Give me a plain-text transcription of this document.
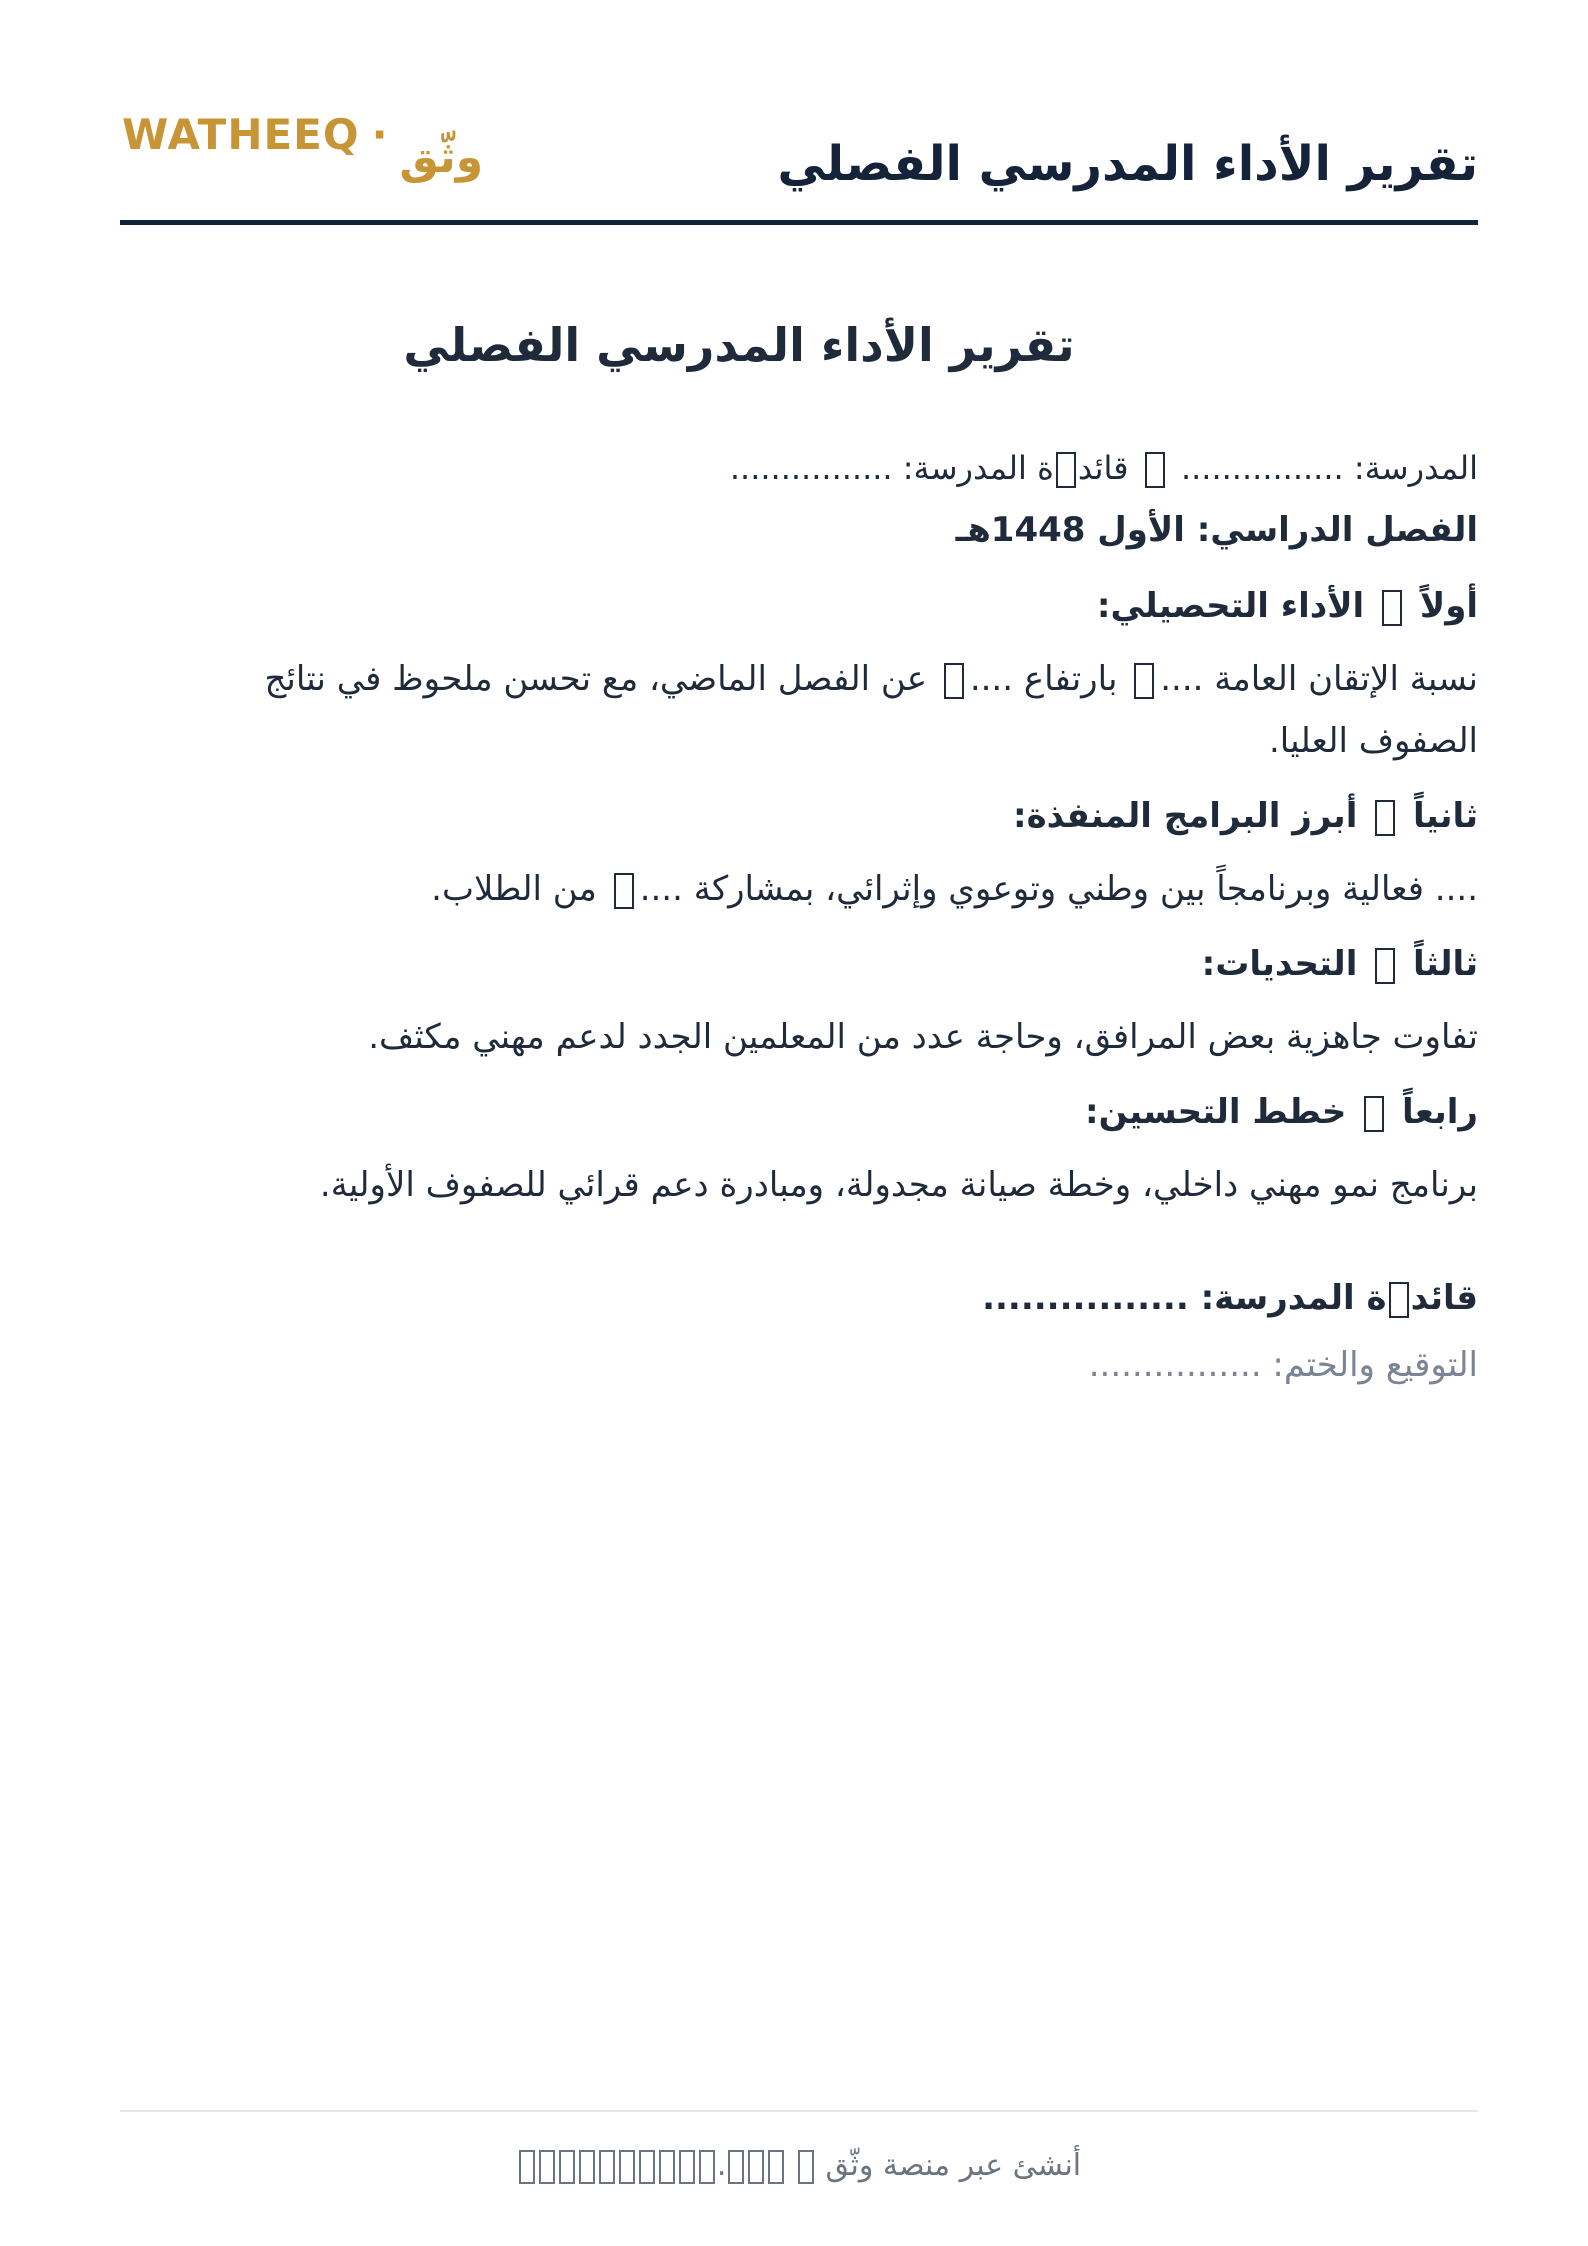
WATHEEQ · وثّق	تقرير الأداء المدرسي الفصلي
تقرير الأداء المدرسي الفصلي
المدرسة: ................  قائدة المدرسة: ................
الفصل الدراسي: الأول 1448هـ
أولاً  الأداء التحصيلي:
نسبة الإتقان العامة .... بارتفاع .... عن الفصل الماضي، مع تحسن ملحوظ في نتائج الصفوف العليا.
ثانياً  أبرز البرامج المنفذة:
.... فعالية وبرنامجاً بين وطني وتوعوي وإثرائي، بمشاركة .... من الطلاب.
ثالثاً  التحديات:
تفاوت جاهزية بعض المرافق، وحاجة عدد من المعلمين الجدد لدعم مهني مكثف.
رابعاً  خطط التحسين:
برنامج نمو مهني داخلي، وخطة صيانة مجدولة، ومبادرة دعم قرائي للصفوف الأولية.
قائدة المدرسة: ................
التوقيع والختم: ................
أنشئ عبر منصة وثّق  .
